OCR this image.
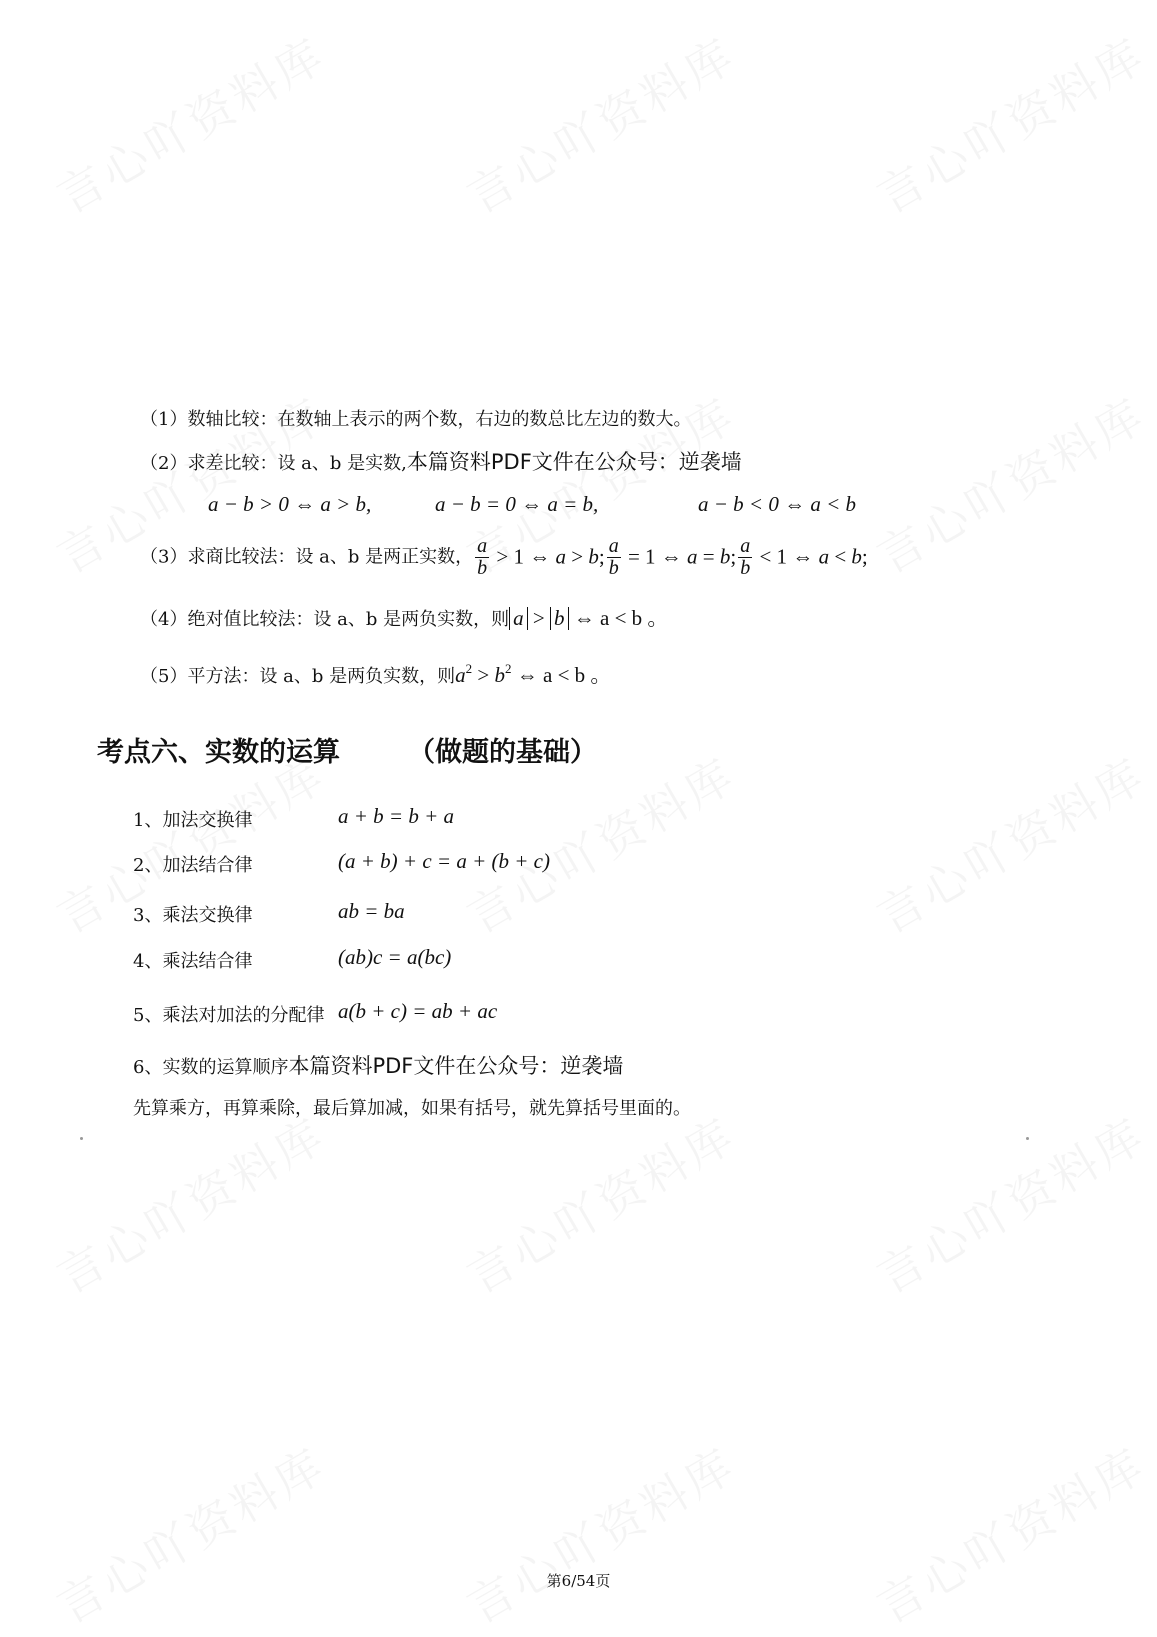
（1）数轴比较：在数轴上表示的两个数，右边的数总比左边的数大。
（2）求差比较：设 a、b 是实数,本篇资料PDF文件在公众号：逆袭墙
a − b > 0 ⇔ a > b,	a − b = 0 ⇔ a = b,	a − b < 0 ⇔ a < b
（3）求商比较法：设 a、b 是两正实数， $\frac{a}{b} > 1$ ⇔ a > b; $\frac{a}{b} = 1$ ⇔ a = b; $\frac{a}{b} < 1$ ⇔ a < b;
（4）绝对值比较法：设 a、b 是两负实数，则 a > b ⇔ a < b 。
（5）平方法：设 a、b 是两负实数，则$a^2 > b^2$ ⇔ a < b 。
考点六、实数的运算	（做题的基础）
1、加法交换律	a + b = b + a
2、加法结合律	(a + b) + c = a + (b + c)
3、乘法交换律	ab = ba
4、乘法结合律	(ab)c = a(bc)
5、乘法对加法的分配律 a(b + c) = ab + ac
6、实数的运算顺序本篇资料PDF文件在公众号：逆袭墙
先算乘方，再算乘除，最后算加减，如果有括号，就先算括号里面的。
第6/54页
